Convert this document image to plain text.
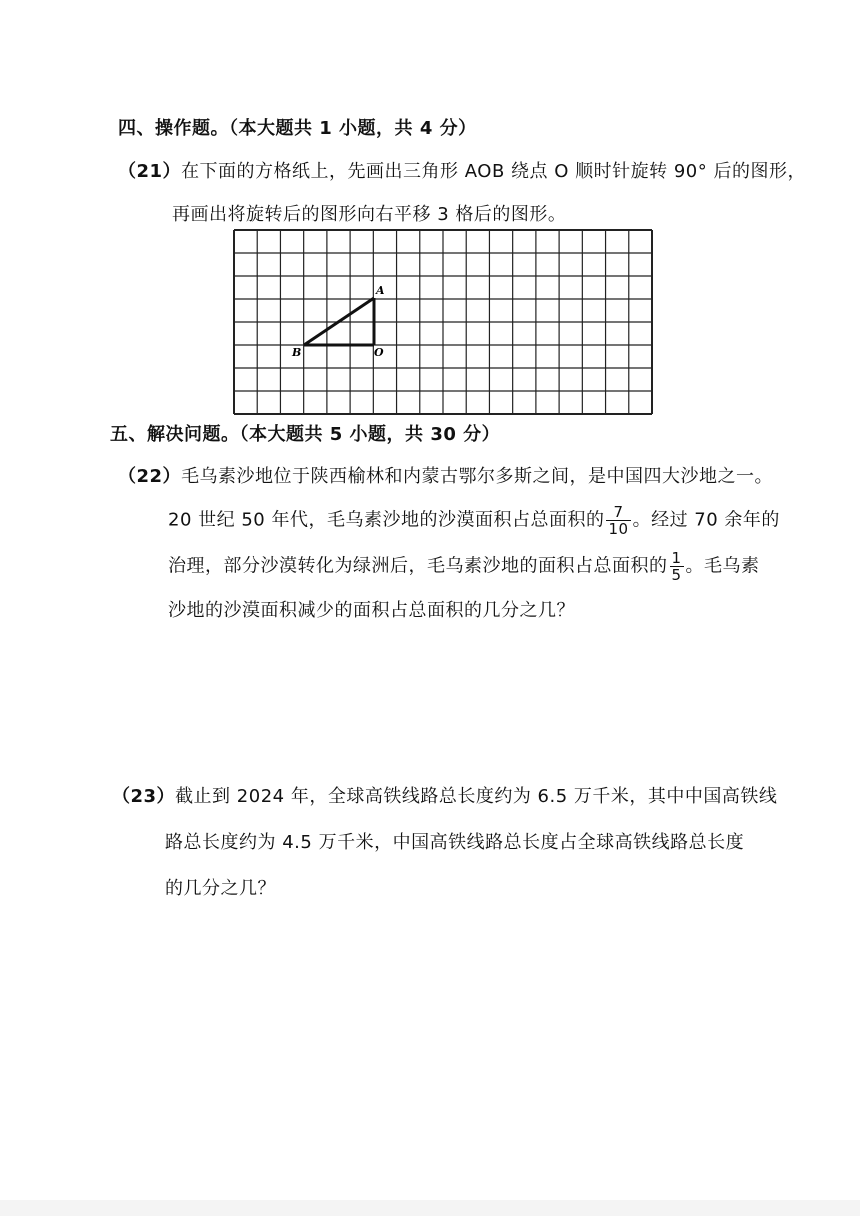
四、操作题。（本大题共 1 小题，共 4 分）
（21）在下面的方格纸上，先画出三角形 AOB 绕点 O 顺时针旋转 90° 后的图形，
再画出将旋转后的图形向右平移 3 格后的图形。
A
B	O
五、解决问题。（本大题共 5 小题，共 30 分）
（22）毛乌素沙地位于陕西榆林和内蒙古鄂尔多斯之间，是中国四大沙地之一。
20 世纪 50 年代，毛乌素沙地的沙漠面积占总面积的 $\frac{7}{10}$ 。经过 70 余年的
治理，部分沙漠转化为绿洲后，毛乌素沙地的面积占总面积的 $\frac{1}{5}$ 。毛乌素
沙地的沙漠面积减少的面积占总面积的几分之几？
（23）截止到 2024 年，全球高铁线路总长度约为 6.5 万千米，其中中国高铁线
路总长度约为 4.5 万千米，中国高铁线路总长度占全球高铁线路总长度
的几分之几？
